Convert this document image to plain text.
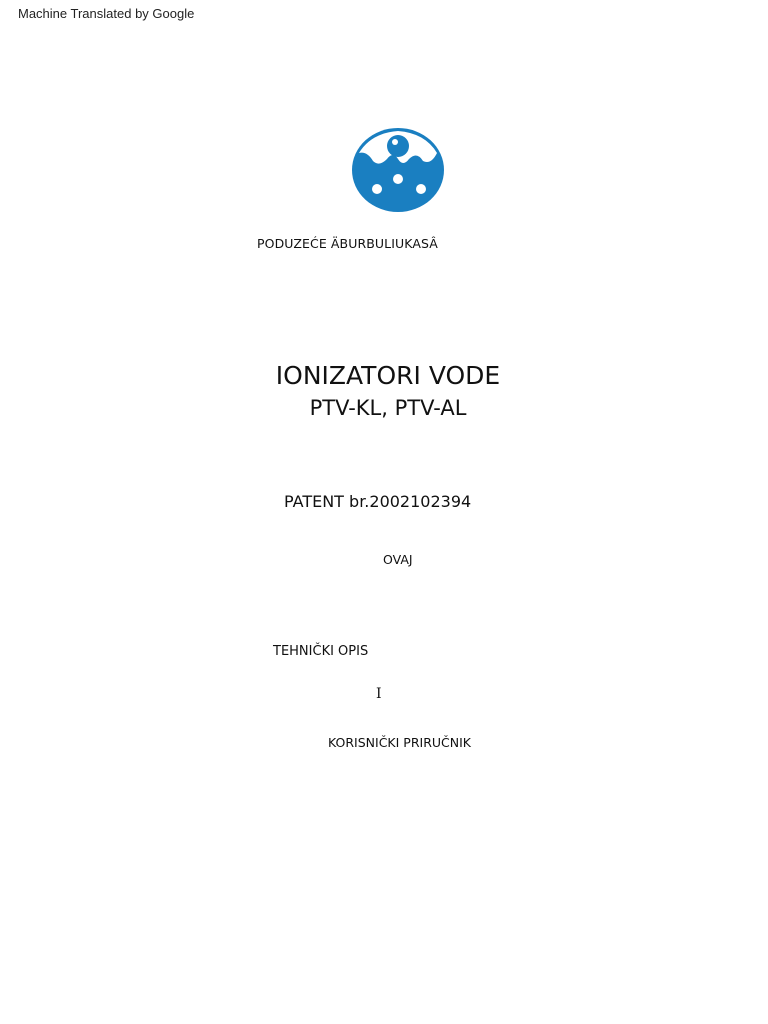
Machine Translated by Google
PODUZEĆE ÄBURBULIUKASÂ
IONIZATORI VODE
PTV-KL, PTV-AL
PATENT br.2002102394
OVAJ
TEHNIČKI OPIS
I
KORISNIČKI PRIRUČNIK
